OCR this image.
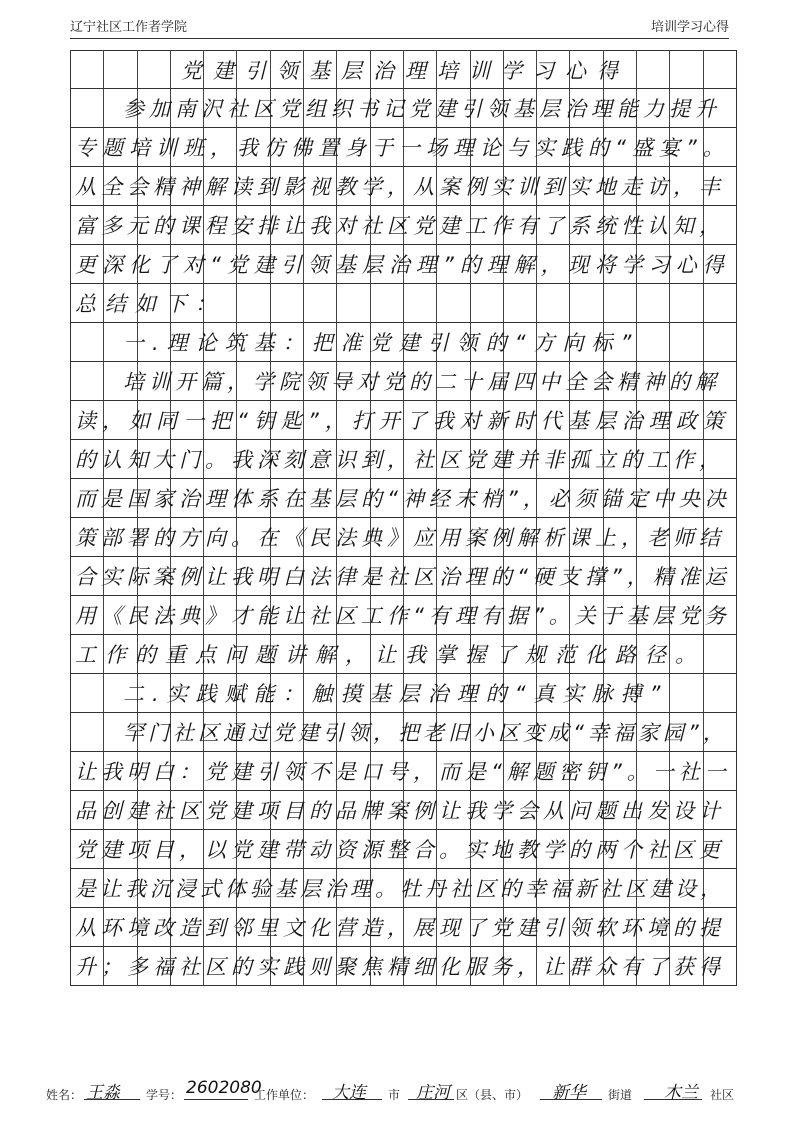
辽宁社区工作者学院	培训学习心得
党建引领基层治理培训学习心得
参加南沢社区党组织书记党建引领基层治理能力提升
专题培训班，我仿佛置身于一场理论与实践的“盛宴”。
从全会精神解读到影视教学，从案例实训到实地走访，丰
富多元的课程安排让我对社区党建工作有了系统性认知，
更深化了对“党建引领基层治理”的理解，现将学习心得
总结如下：
一.理论筑基：把准党建引领的“方向标”
培训开篇，学院领导对党的二十届四中全会精神的解
读，如同一把“钥匙”，打开了我对新时代基层治理政策
的认知大门。我深刻意识到，社区党建并非孤立的工作，
而是国家治理体系在基层的“神经末梢”，必须锚定中央决
策部署的方向。在《民法典》应用案例解析课上，老师结
合实际案例让我明白法律是社区治理的“硬支撑”，精准运
用《民法典》才能让社区工作“有理有据”。关于基层党务
工作的重点问题讲解，让我掌握了规范化路径。
二.实践赋能：触摸基层治理的“真实脉搏”
罕门社区通过党建引领，把老旧小区变成“幸福家园”，
让我明白：党建引领不是口号，而是“解题密钥”。一社一
品创建社区党建项目的品牌案例让我学会从问题出发设计
党建项目，以党建带动资源整合。实地教学的两个社区更
是让我沉浸式体验基层治理。牡丹社区的幸福新社区建设，
从环境改造到邻里文化营造，展现了党建引领软环境的提
升；多福社区的实践则聚焦精细化服务，让群众有了获得
姓名： 王淼 学号： 2602080
工作单位： 大连 市 庄河 区（县、市） 新华 街道 木兰 社区
